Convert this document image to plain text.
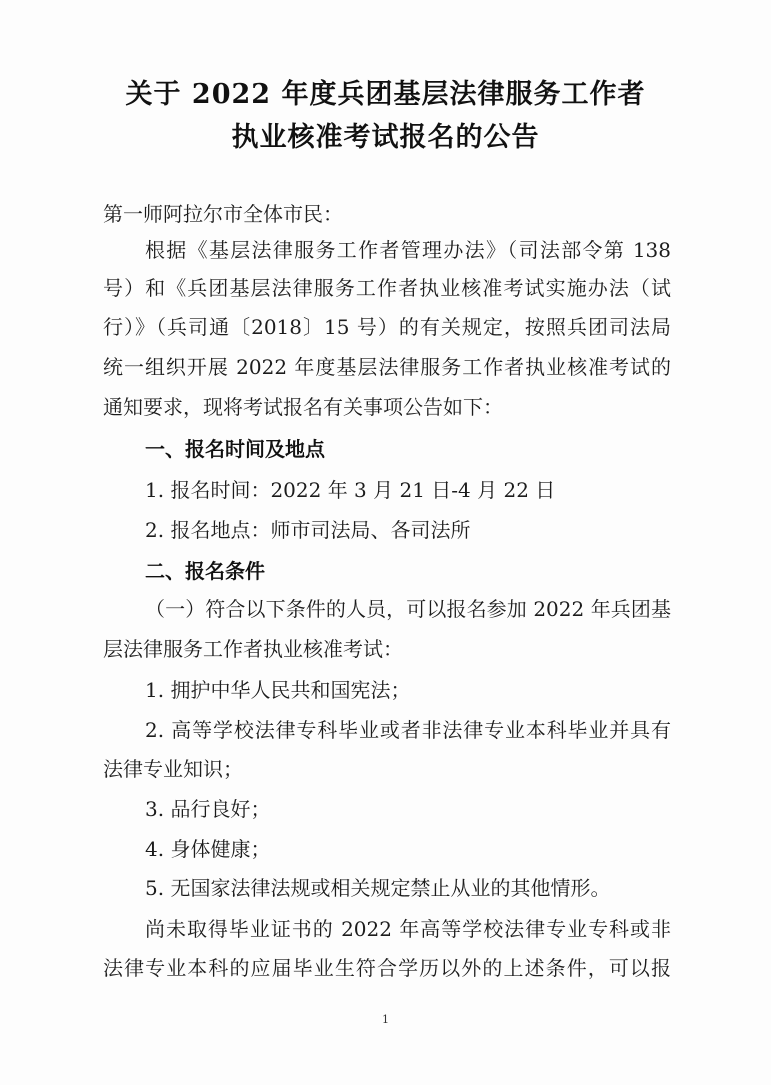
关于 2022 年度兵团基层法律服务工作者
执业核准考试报名的公告
第一师阿拉尔市全体市民：
根据《基层法律服务工作者管理办法》（司法部令第 138
号）和《兵团基层法律服务工作者执业核准考试实施办法（试
行）》（兵司通〔2018〕15 号）的有关规定，按照兵团司法局
统一组织开展 2022 年度基层法律服务工作者执业核准考试的
通知要求，现将考试报名有关事项公告如下：
一、报名时间及地点
1. 报名时间：2022 年 3 月 21 日-4 月 22 日
2. 报名地点：师市司法局、各司法所
二、报名条件
（一）符合以下条件的人员，可以报名参加 2022 年兵团基
层法律服务工作者执业核准考试：
1. 拥护中华人民共和国宪法；
2. 高等学校法律专科毕业或者非法律专业本科毕业并具有
法律专业知识；
3. 品行良好；
4. 身体健康；
5. 无国家法律法规或相关规定禁止从业的其他情形。
尚未取得毕业证书的 2022 年高等学校法律专业专科或非
法律专业本科的应届毕业生符合学历以外的上述条件，可以报
1
